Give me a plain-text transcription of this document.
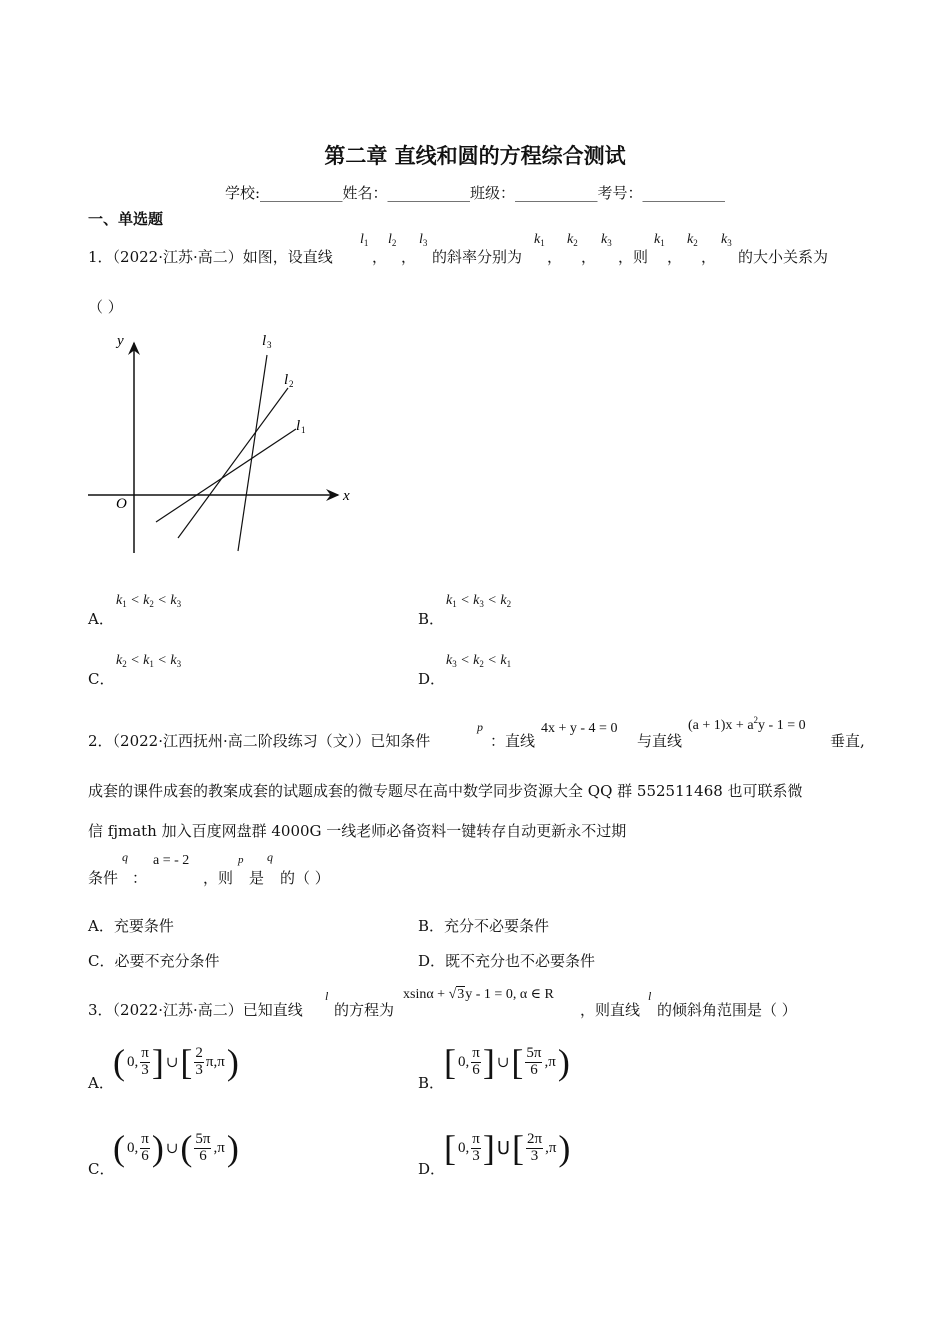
第二章 直线和圆的方程综合测试
学校:___________姓名：___________班级：___________考号：___________
一、单选题
1．（2022·江苏·高二）如图，设直线
$l_1$
，
$l_2$
，
$l_3$
的斜率分别为
$k_1$
，
$k_2$
，
$k_3$
，则
$k_1$
，
$k_2$
，
$k_3$
的大小关系为
（ ）
y
x
O
l 1
l 2
l 3
A．
$k_1 < k_2 < k_3$
B．
$k_1 < k_3 < k_2$
C．
$k_2 < k_1 < k_3$
D．
$k_3 < k_2 < k_1$
2．（2022·江西抚州·高二阶段练习（文））已知条件
p
：直线
4x + y - 4 = 0
与直线
$(a + 1)x + a^2y - 1 = 0$
垂直,
成套的课件成套的教案成套的试题成套的微专题尽在高中数学同步资源大全 QQ 群 552511468 也可联系微
信 fjmath 加入百度网盘群 4000G 一线老师必备资料一键转存自动更新永不过期
条件
q
：
a = - 2
，则
p
是
q
的（ ）
A．充要条件	B．充分不必要条件
C．必要不充分条件	D．既不充分也不必要条件
3．（2022·江苏·高二）已知直线
l
的方程为
xsinα + √3y - 1 = 0, α ∈ R
，则直线
l
的倾斜角范围是（ ）
A．
( 0, $\frac{\pi}{3}$ ] ∪ [ $\frac{2}{3} \pi,\pi$ )
B．
[ 0, $\frac{\pi}{6}$ ] ∪ [ $\frac{5\pi}{6} ,\pi$ )
C．
( 0, $\frac{\pi}{6}$ ) ∪ ( $\frac{5\pi}{6} ,\pi$ )
D．
[ 0, $\frac{\pi}{3}$ ] U [ $\frac{2\pi}{3} ,\pi$ )
